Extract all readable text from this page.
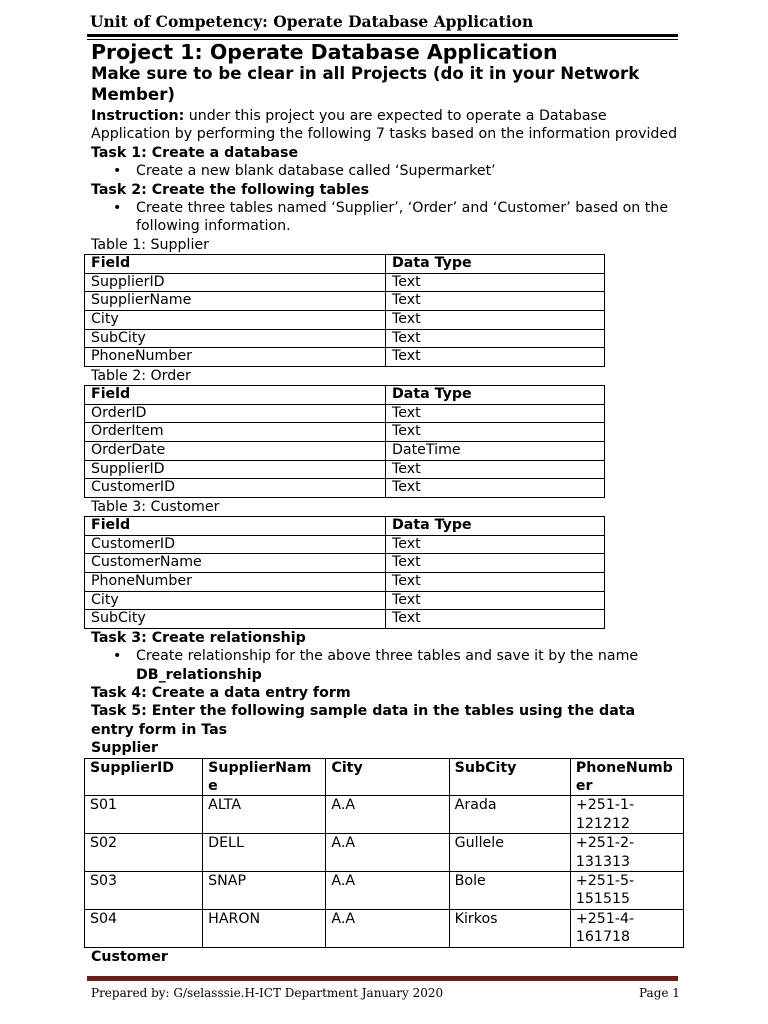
Unit of Competency: Operate Database Application

Project 1: Operate Database Application

Make sure to be clear in all Projects (do it in your Network Member)

Instruction: under this project you are expected to operate a Database Application by performing the following 7 tasks based on the information provided

Task 1: Create a database

• Create a new blank database called ‘Supermarket’

Task 2: Create the following tables

• Create three tables named ‘Supplier’, ‘Order’ and ‘Customer’ based on the following information.

Table 1: Supplier

Field	Data Type
SupplierID	Text
SupplierName	Text
City	Text
SubCity	Text
PhoneNumber	Text

Table 2: Order

Field	Data Type
OrderID	Text
OrderItem	Text
OrderDate	DateTime
SupplierID	Text
CustomerID	Text

Table 3: Customer

Field	Data Type
CustomerID	Text
CustomerName	Text
PhoneNumber	Text
City	Text
SubCity	Text

Task 3: Create relationship

• Create relationship for the above three tables and save it by the name
DB_relationship

Task 4: Create a data entry form

Task 5: Enter the following sample data in the tables using the data entry form in Tas

Supplier

SupplierID	SupplierName	City	SubCity	PhoneNumber
S01	ALTA	A.A	Arada	+251-1-121212
S02	DELL	A.A	Gullele	+251-2-131313
S03	SNAP	A.A	Bole	+251-5-151515
S04	HARON	A.A	Kirkos	+251-4-161718

Customer

Prepared by: G/selasssie.H-ICT Department January 2020	Page 1
